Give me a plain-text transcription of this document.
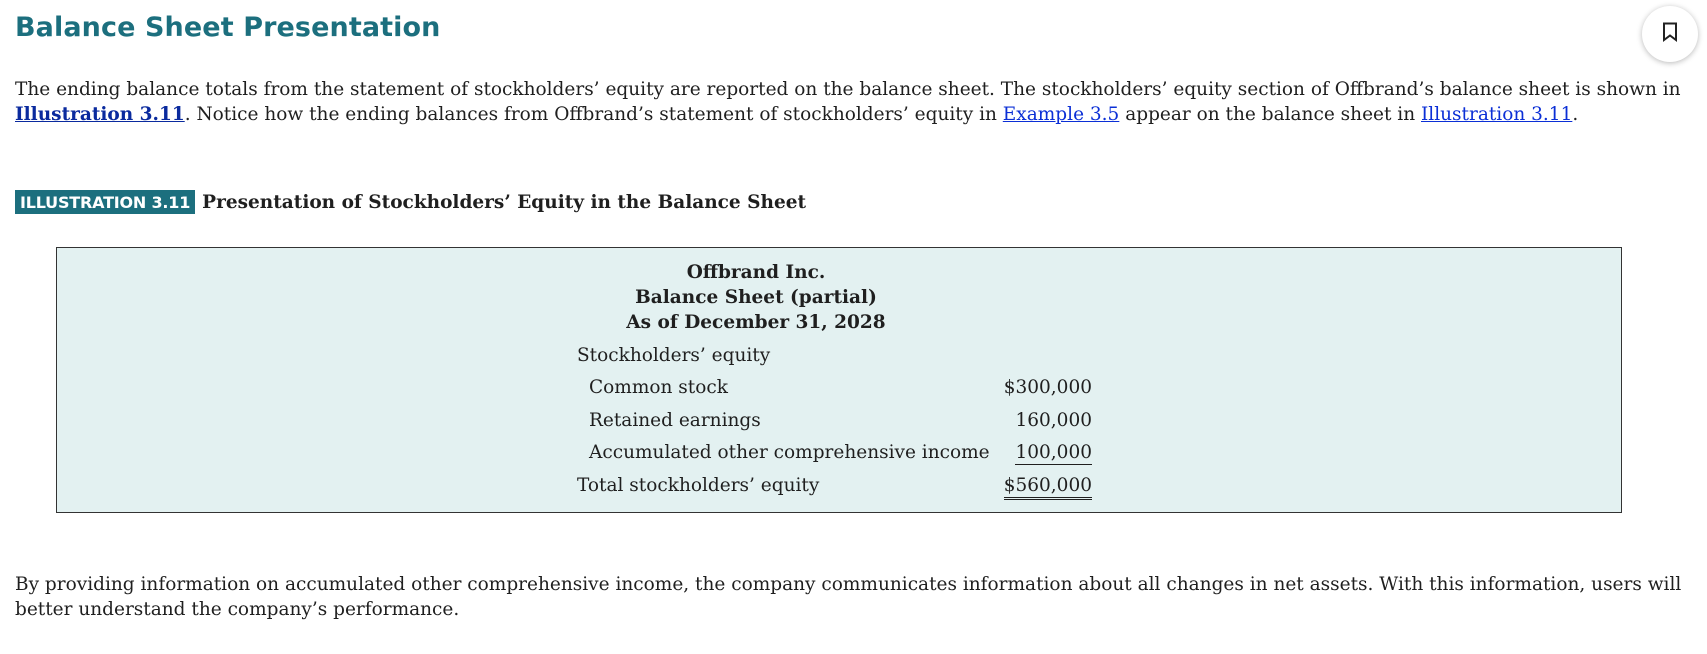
Balance Sheet Presentation

The ending balance totals from the statement of stockholders’ equity are reported on the balance sheet. The stockholders’ equity section of Offbrand’s balance sheet is shown in Illustration 3.11. Notice how the ending balances from Offbrand’s statement of stockholders’ equity in Example 3.5 appear on the balance sheet in Illustration 3.11.

ILLUSTRATION 3.11 Presentation of Stockholders’ Equity in the Balance Sheet
Offbrand Inc.
Balance Sheet (partial)
As of December 31, 2028
Stockholders’ equity
Common stock	$300,000
Retained earnings	160,000
Accumulated other comprehensive income 100,000
Total stockholders’ equity	$560,000

By providing information on accumulated other comprehensive income, the company communicates information about all changes in net assets. With this information, users will better understand the company’s performance.
